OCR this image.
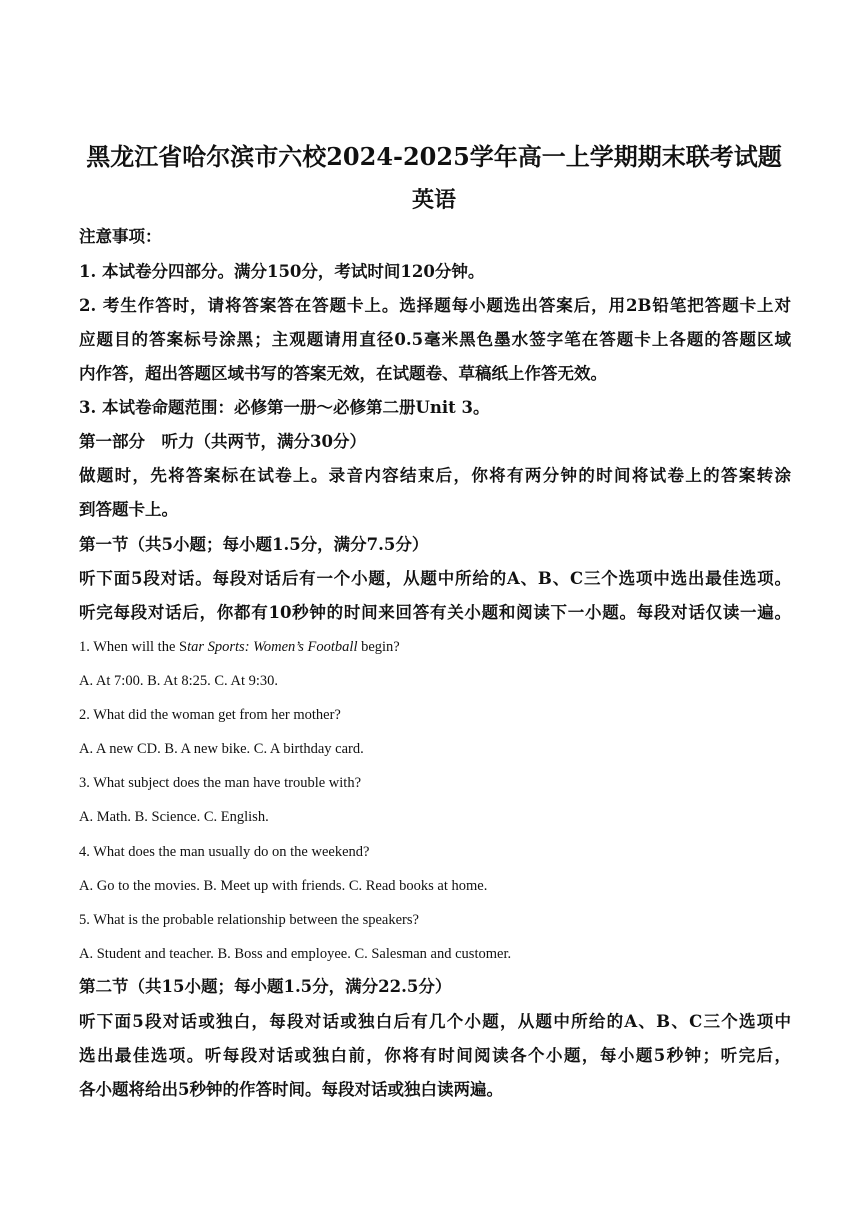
黑龙江省哈尔滨市六校2024-2025学年高一上学期期末联考试题
英语
注意事项：
1. 本试卷分四部分。满分150分，考试时间120分钟。
2. 考生作答时，请将答案答在答题卡上。选择题每小题选出答案后，用2B铅笔把答题卡上对
应题目的答案标号涂黑；主观题请用直径0.5毫米黑色墨水签字笔在答题卡上各题的答题区域
内作答，超出答题区域书写的答案无效，在试题卷、草稿纸上作答无效。
3. 本试卷命题范围：必修第一册～必修第二册Unit 3。
第一部分　听力（共两节，满分30分）
做题时，先将答案标在试卷上。录音内容结束后，你将有两分钟的时间将试卷上的答案转涂
到答题卡上。
第一节（共5小题；每小题1.5分，满分7.5分）
听下面5段对话。每段对话后有一个小题，从题中所给的A、B、C三个选项中选出最佳选项。
听完每段对话后，你都有10秒钟的时间来回答有关小题和阅读下一小题。每段对话仅读一遍。
1. When will the Star Sports: Women’s Football begin?
A. At 7:00. B. At 8:25. C. At 9:30.
2. What did the woman get from her mother?
A. A new CD. B. A new bike. C. A birthday card.
3. What subject does the man have trouble with?
A. Math. B. Science. C. English.
4. What does the man usually do on the weekend?
A. Go to the movies. B. Meet up with friends. C. Read books at home.
5. What is the probable relationship between the speakers?
A. Student and teacher. B. Boss and employee. C. Salesman and customer.
第二节（共15小题；每小题1.5分，满分22.5分）
听下面5段对话或独白，每段对话或独白后有几个小题，从题中所给的A、B、C三个选项中
选出最佳选项。听每段对话或独白前，你将有时间阅读各个小题，每小题5秒钟；听完后，
各小题将给出5秒钟的作答时间。每段对话或独白读两遍。
